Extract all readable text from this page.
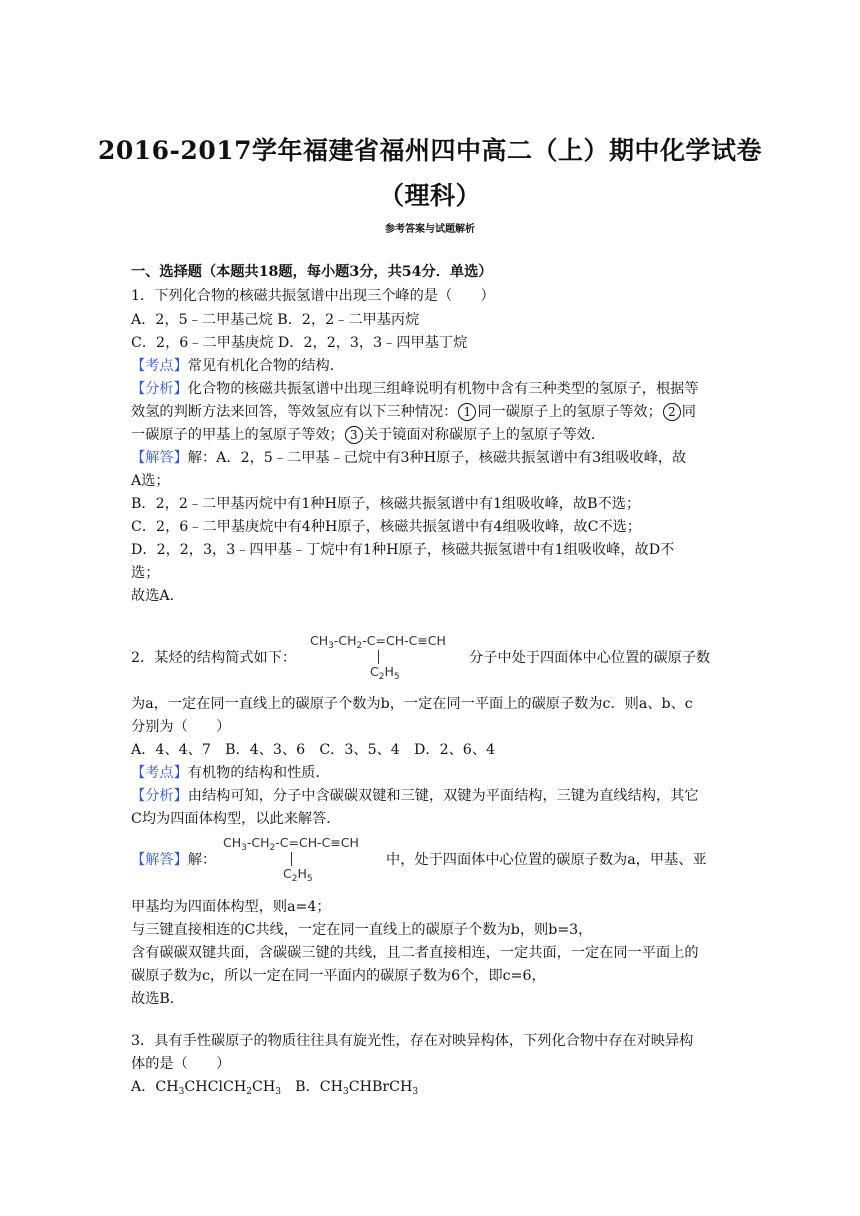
2016-2017学年福建省福州四中高二（上）期中化学试卷
（理科）
参考答案与试题解析
一、选择题（本题共18题，每小题3分，共54分．单选）
1．下列化合物的核磁共振氢谱中出现三个峰的是（　　）
A．2，5﹣二甲基己烷 B．2，2﹣二甲基丙烷
C．2，6﹣二甲基庚烷 D．2，2，3，3﹣四甲基丁烷
【考点】常见有机化合物的结构．
【分析】化合物的核磁共振氢谱中出现三组峰说明有机物中含有三种类型的氢原子，根据等
效氢的判断方法来回答，等效氢应有以下三种情况： 1 同一碳原子上的氢原子等效； 2 同
一碳原子的甲基上的氢原子等效； 3 关于镜面对称碳原子上的氢原子等效．
【解答】解：A．2，5﹣二甲基﹣己烷中有3种H原子，核磁共振氢谱中有3组吸收峰，故
A选；
B．2，2﹣二甲基丙烷中有1种H原子，核磁共振氢谱中有1组吸收峰，故B不选；
C．2，6﹣二甲基庚烷中有4种H原子，核磁共振氢谱中有4组吸收峰，故C不选；
D．2，2，3，3﹣四甲基﹣丁烷中有1种H原子，核磁共振氢谱中有1组吸收峰，故D不
选；
故选A．
2．某烃的结构简式如下：
$CH_3-CH_2-C=CH-C\equiv CH$
$C_2H_5$
分子中处于四面体中心位置的碳原子数
为a，一定在同一直线上的碳原子个数为b，一定在同一平面上的碳原子数为c．则a、b、c
分别为（　　）
A．4、4、7　B．4、3、6　C．3、5、4　D．2、6、4
【考点】有机物的结构和性质．
【分析】由结构可知，分子中含碳碳双键和三键，双键为平面结构，三键为直线结构，其它
C均为四面体构型，以此来解答．
【解答】解：
$CH_3-CH_2-C=CH-C\equiv CH$
$C_2H_5$
中，处于四面体中心位置的碳原子数为a，甲基、亚
甲基均为四面体构型，则a=4；
与三键直接相连的C共线，一定在同一直线上的碳原子个数为b，则b=3，
含有碳碳双键共面，含碳碳三键的共线，且二者直接相连，一定共面，一定在同一平面上的
碳原子数为c，所以一定在同一平面内的碳原子数为6个，即c=6，
故选B．
3．具有手性碳原子的物质往往具有旋光性，存在对映异构体，下列化合物中存在对映异构
体的是（　　）
A．$CH_3CHClCH_2CH_3$　B．$CH_3CHBrCH_3$
